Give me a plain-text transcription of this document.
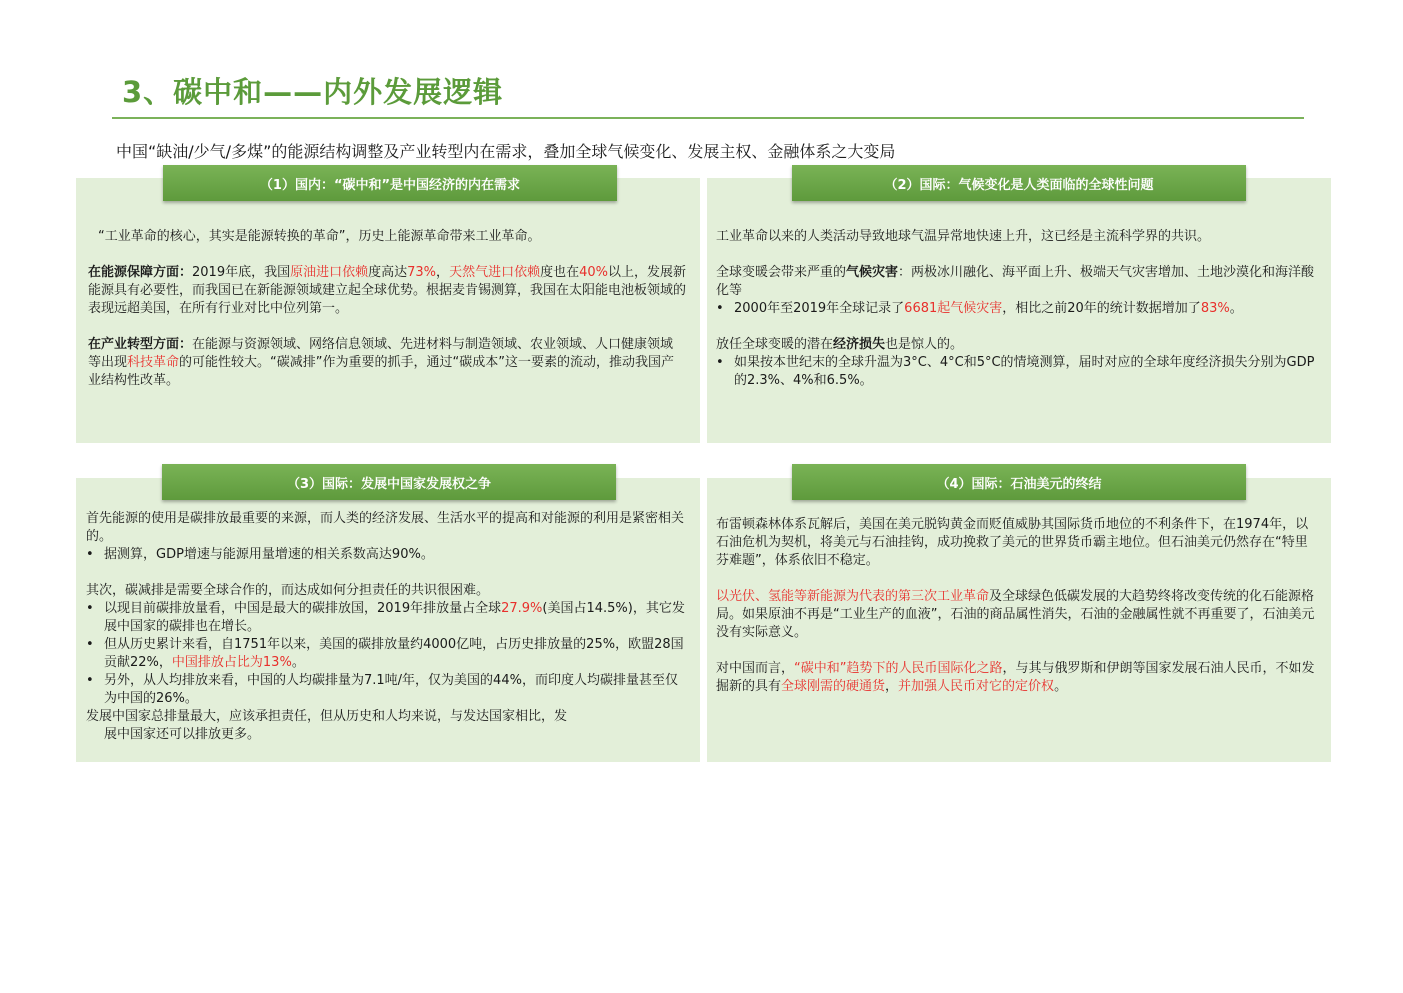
3、碳中和——内外发展逻辑
中国“缺油/少气/多煤”的能源结构调整及产业转型内在需求，叠加全球气候变化、发展主权、金融体系之大变局
（1）国内：“碳中和”是中国经济的内在需求

“工业革命的核心，其实是能源转换的革命”，历史上能源革命带来工业革命。

在能源保障方面：2019年底，我国原油进口依赖度高达73%，天然气进口依赖度也在40%以上，发展新能源具有必要性，而我国已在新能源领域建立起全球优势。根据麦肯锡测算，我国在太阳能电池板领域的表现远超美国，在所有行业对比中位列第一。

在产业转型方面：在能源与资源领域、网络信息领域、先进材料与制造领域、农业领域、人口健康领域等出现科技革命的可能性较大。“碳减排”作为重要的抓手，通过“碳成本”这一要素的流动，推动我国产业结构性改革。

（2）国际：气候变化是人类面临的全球性问题

工业革命以来的人类活动导致地球气温异常地快速上升，这已经是主流科学界的共识。

全球变暖会带来严重的气候灾害：两极冰川融化、海平面上升、极端天气灾害增加、土地沙漠化和海洋酸化等

• 2000年至2019年全球记录了6681起气候灾害，相比之前20年的统计数据增加了83%。

放任全球变暖的潜在经济损失也是惊人的。

• 如果按本世纪末的全球升温为3°C、4°C和5°C的情境测算，届时对应的全球年度经济损失分别为GDP的2.3%、4%和6.5%。

（3）国际：发展中国家发展权之争

首先能源的使用是碳排放最重要的来源，而人类的经济发展、生活水平的提高和对能源的利用是紧密相关的。

• 据测算，GDP增速与能源用量增速的相关系数高达90%。

其次，碳减排是需要全球合作的，而达成如何分担责任的共识很困难。

• 以现目前碳排放量看，中国是最大的碳排放国，2019年排放量占全球27.9%(美国占14.5%)，其它发展中国家的碳排也在增长。

• 但从历史累计来看，自1751年以来，美国的碳排放量约4000亿吨，占历史排放量的25%，欧盟28国贡献22%，中国排放占比为13%。

• 另外，从人均排放来看，中国的人均碳排量为7.1吨/年，仅为美国的44%，而印度人均碳排量甚至仅为中国的26%。

发展中国家总排量最大，应该承担责任，但从历史和人均来说，与发达国家相比，发

展中国家还可以排放更多。

（4）国际：石油美元的终结

布雷顿森林体系瓦解后，美国在美元脱钩黄金而贬值威胁其国际货币地位的不利条件下，在1974年，以石油危机为契机，将美元与石油挂钩，成功挽救了美元的世界货币霸主地位。但石油美元仍然存在“特里芬难题”，体系依旧不稳定。

以光伏、氢能等新能源为代表的第三次工业革命及全球绿色低碳发展的大趋势终将改变传统的化石能源格局。如果原油不再是“工业生产的血液”，石油的商品属性消失，石油的金融属性就不再重要了，石油美元没有实际意义。

对中国而言，“碳中和”趋势下的人民币国际化之路，与其与俄罗斯和伊朗等国家发展石油人民币，不如发掘新的具有全球刚需的硬通货，并加强人民币对它的定价权。
